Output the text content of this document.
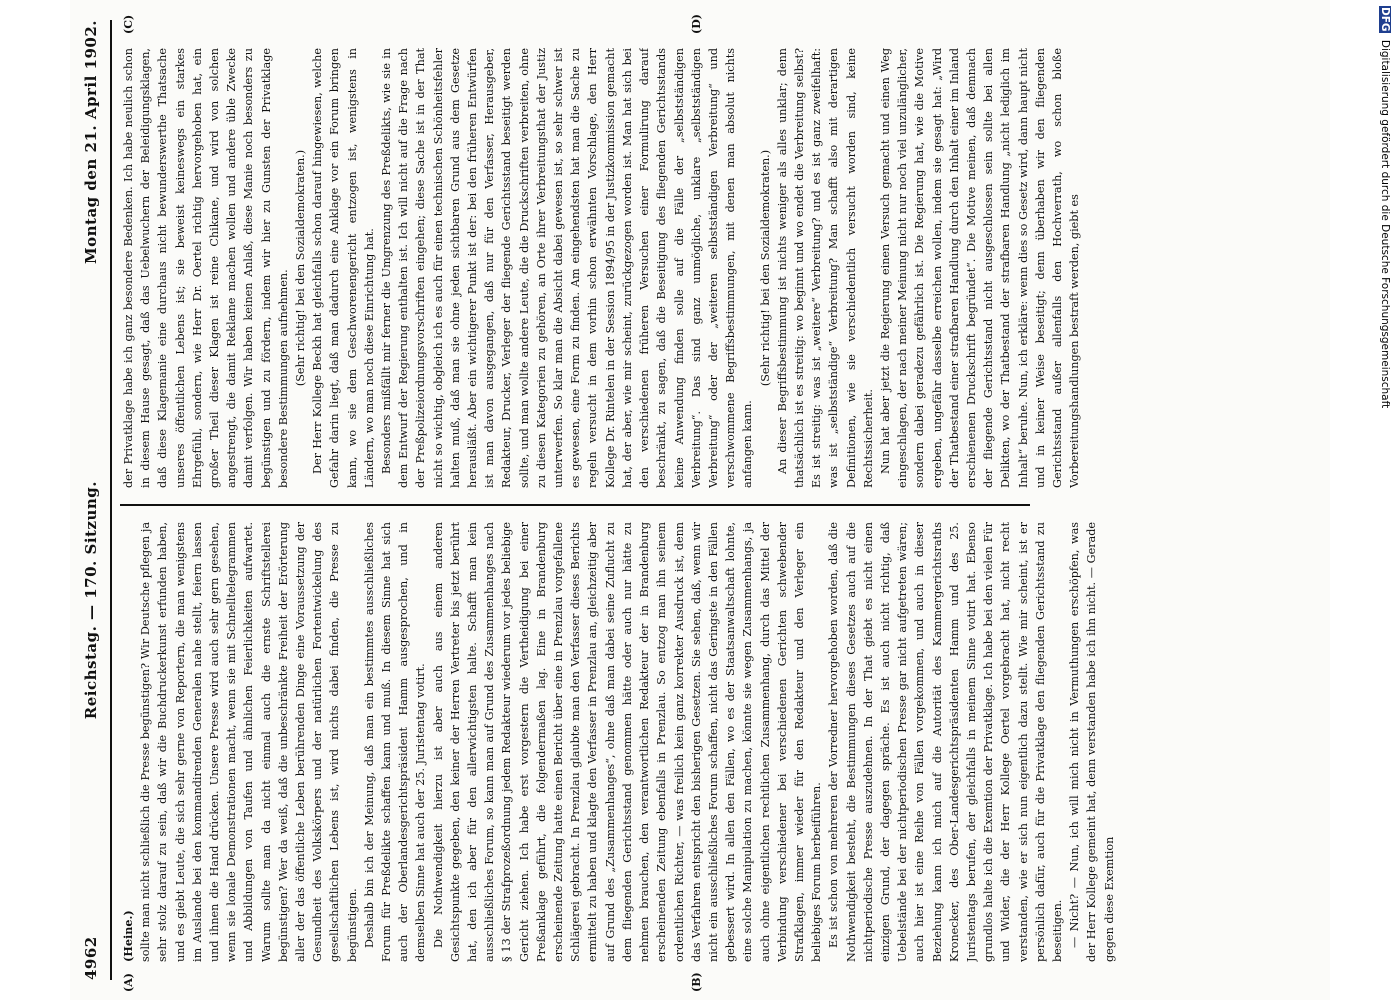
4962
Reichstag. — 170. Sitzung.
Montag den 21. April 1902.
(A)	(B)
(C)	(D)

(Heine.) sollte man nicht schließlich die Presse begünstigen? Wir Deutsche pflegen ja sehr stolz darauf zu sein, daß wir die Buchdruckerkunst erfunden haben, und es giebt Leute, die sich sehr gerne von Reportern, die man wenigstens im Auslande bei den kommandirenden Generalen nahe stellt, feiern lassen und ihnen die Hand drücken. Unsere Presse wird auch sehr gern gesehen, wenn sie lonale Demonstrationen macht, wenn sie mit Schnelltelegrammen und Abbildungen von Taufen und ähnlichen Feierlichkeiten aufwartet. Warum sollte man da nicht einmal auch die ernste Schriftstellerei begünstigen? Wer da weiß, daß die unbeschränkte Freiheit der Erörterung aller der das öffentliche Leben berührenden Dinge eine Voraussetzung der Gesundheit des Volkskörpers und der natürlichen Fortentwickelung des gesellschaftlichen Lebens ist, wird nichts dabei finden, die Presse zu begünstigen. Deshalb bin ich der Meinung, daß man ein bestimmtes ausschließliches Forum für Preßdelikte schaffen kann und muß. In diesem Sinne hat sich auch der Oberlandesgerichtspräsident Hamm ausgesprochen, und in demselben Sinne hat auch der 25. Juristentag votirt. Die Nothwendigkeit hierzu ist aber auch aus einem anderen Gesichtspunkte gegeben, den keiner der Herren Vertreter bis jetzt berührt hat, den ich aber für den allerwichtigsten halte. Schafft man kein ausschließliches Forum, so kann man auf Grund des Zusammenhanges nach § 13 der Strafprozeßordnung jedem Redakteur wiederum vor jedes beliebige Gericht ziehen. Ich habe erst vorgestern die Vertheidigung bei einer Preßanklage geführt, die folgendermaßen lag. Eine in Brandenburg erscheinende Zeitung hatte einen Bericht über eine in Prenzlau vorgefallene Schlägerei gebracht. In Prenzlau glaubte man den Verfasser dieses Berichts ermittelt zu haben und klagte den Verfasser in Prenzlau an, gleichzeitig aber auf Grund des „Zusammenhanges“, ohne daß man dabei seine Zuflucht zu dem fliegenden Gerichtsstand genommen hätte oder auch nur hätte zu nehmen brauchen, den verantwortlichen Redakteur der in Brandenburg erscheinenden Zeitung ebenfalls in Prenzlau. So entzog man ihn seinem ordentlichen Richter, — was freilich kein ganz korrekter Ausdruck ist, denn das Verfahren entspricht den bisherigen Gesetzen. Sie sehen, daß, wenn wir nicht ein ausschließliches Forum schaffen, nicht das Geringste in den Fällen gebessert wird. In allen den Fällen, wo es der Staatsanwaltschaft lohnte, eine solche Manipulation zu machen, könnte sie wegen Zusammenhangs, ja auch ohne eigentlichen rechtlichen Zusammenhang, durch das Mittel der Verbindung verschiedener bei verschiedenen Gerichten schwebender Strafklagen, immer wieder für den Redakteur und den Verleger ein beliebiges Forum herbeiführen. Es ist schon von mehreren der Vorredner hervorgehoben worden, daß die Nothwendigkeit besteht, die Bestimmungen dieses Gesetzes auch auf die nichtperiodische Presse auszudehnen. In der That giebt es nicht einen einzigen Grund, der dagegen spräche. Es ist auch nicht richtig, daß Uebelstände bei der nichtperiodischen Presse gar nicht aufgetreten wären; auch hier ist eine Reihe von Fällen vorgekommen, und auch in dieser Beziehung kann ich mich auf die Autorität des Kammergerichtsraths Kronecker, des Ober-Landesgerichtspräsidenten Hamm und des 25. Juristentags berufen, der gleichfalls in meinem Sinne votirt hat. Ebenso grundlos halte ich die Exemtion der Privatklage. Ich habe bei den vielen Für und Wider, die der Herr Kollege Oertel vorgebracht hat, nicht recht verstanden, wie er sich nun eigentlich dazu stellt. Wie mir scheint, ist er persönlich dafür, auch für die Privatklage den fliegenden Gerichtsstand zu beseitigen. — Nicht? — Nun, ich will mich nicht in Vermuthungen erschöpfen, was der Herr Kollege gemeint hat, denn verstanden habe ich ihn nicht. — Gerade gegen diese Exemtion

der Privatklage habe ich ganz besondere Bedenken. Ich habe neulich schon in diesem Hause gesagt, daß das Uebelwuchern der Beleidigungsklagen, daß diese Klagemanie eine durchaus nicht bewunderswerthe Thatsache unseres öffentlichen Lebens ist; sie beweist keineswegs ein starkes Ehrgefühl, sondern, wie Herr Dr. Oertel richtig hervorgehoben hat, ein großer Theil dieser Klagen ist reine Chikane, und wird von solchen angestrengt, die damit Reklame machen wollen und andere üble Zwecke damit verfolgen. Wir haben keinen Anlaß, diese Manie noch besonders zu begünstigen und zu fördern, indem wir hier zu Gunsten der Privatklage besondere Bestimmungen aufnehmen. (Sehr richtig! bei den Sozialdemokraten.) Der Herr Kollege Beckh hat gleichfalls schon darauf hingewiesen, welche Gefahr darin liegt, daß man dadurch eine Anklage vor ein Forum bringen kann, wo sie dem Geschworenengericht entzogen ist, wenigstens in Ländern, wo man noch diese Einrichtung hat. Besonders mißfällt mir ferner die Umgrenzung des Preßdelikts, wie sie in dem Entwurf der Regierung enthalten ist. Ich will nicht auf die Frage nach der Preßpolizeiordnungsvorschriften eingehen; diese Sache ist in der That nicht so wichtig, obgleich ich es auch für einen technischen Schönheitsfehler halten muß, daß man sie ohne jeden sichtbaren Grund aus dem Gesetze herausläßt. Aber ein wichtigerer Punkt ist der: bei den früheren Entwürfen ist man davon ausgegangen, daß nur für den Verfasser, Herausgeber, Redakteur, Drucker, Verleger der fliegende Gerichtsstand beseitigt werden sollte, und man wollte andere Leute, die die Druckschriften verbreiten, ohne zu diesen Kategorien zu gehören, an Orte ihrer Verbreitungsthat der Justiz unterwerfen. So klar man die Absicht dabei gewesen ist, so sehr schwer ist es gewesen, eine Form zu finden. Am eingehendsten hat man die Sache zu regeln versucht in dem vorhin schon erwähnten Vorschlage, den Herr Kollege Dr. Rintelen in der Session 1894/95 in der Justizkommission gemacht hat, der aber, wie mir scheint, zurückgezogen worden ist. Man hat sich bei den verschiedenen früheren Versuchen einer Formulirung darauf beschränkt, zu sagen, daß die Beseitigung des fliegenden Gerichtsstands keine Anwendung finden solle auf die Fälle der „selbstständigen Verbreitung“. Das sind ganz unmögliche, unklare „selbstständigen Verbreitung“ oder der „weiteren selbstständigen Verbreitung“ und verschwommene Begriffsbestimmungen, mit denen man absolut nichts anfangen kann.

(Sehr richtig! bei den Sozialdemokraten.) An dieser Begriffsbestimmung ist nichts weniger als alles unklar; denn thatsächlich ist es streitig: wo beginnt und wo endet die Verbreitung selbst? Es ist streitig: was ist „weitere“ Verbreitung? und es ist ganz zweifelhaft: was ist „selbstständige“ Verbreitung? Man schafft also mit derartigen Definitionen, wie sie verschiedentlich versucht worden sind, keine Rechtssicherheit. Nun hat aber jetzt die Regierung einen Versuch gemacht und einen Weg eingeschlagen, der nach meiner Meinung nicht nur noch viel unzulänglicher, sondern dabei geradezu gefährlich ist. Die Regierung hat, wie die Motive ergeben, ungefähr dasselbe erreichen wollen, indem sie gesagt hat: „Wird der Thatbestand einer strafbaren Handlung durch den Inhalt einer im Inland erschienenen Druckschrift begründet“. Die Motive meinen, daß demnach der fliegende Gerichtsstand nicht ausgeschlossen sein sollte bei allen Delikten, wo der Thatbestand der strafbaren Handlung „nicht lediglich im Inhalt“ beruhe. Nun, ich erkläre: wenn dies so Gesetz wird, dann haupt nicht und in keiner Weise beseitigt; denn überhaben wir den fliegenden Gerichtsstand außer allenfalls den Hochverrath, wo schon bloße Vorbereitungshandlungen bestraft werden, giebt es

DFG Digitalisierung gefördert durch die Deutsche Forschungsgemeinschaft
